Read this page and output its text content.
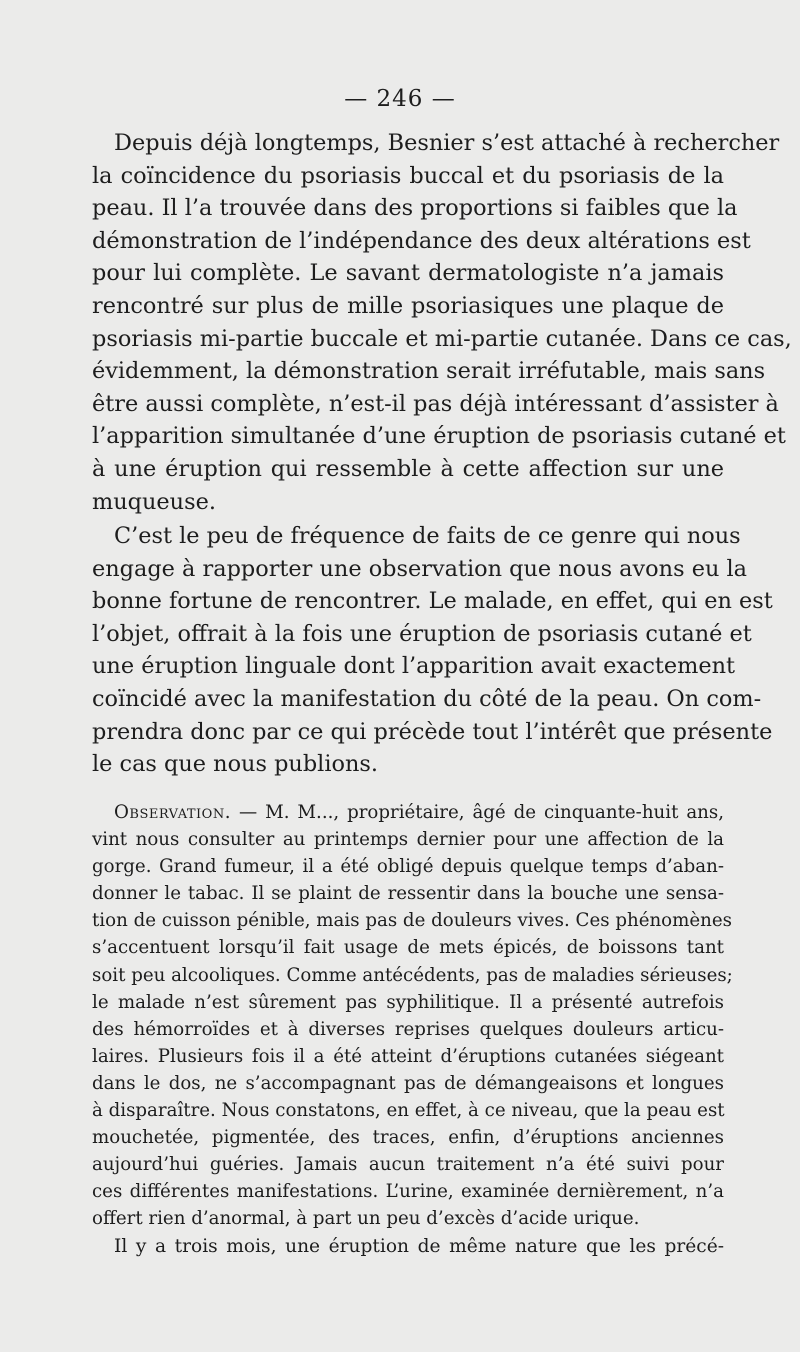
— 246 —
Depuis déjà longtemps, Besnier s’est attaché à rechercher
la coïncidence du psoriasis buccal et du psoriasis de la
peau. Il l’a trouvée dans des proportions si faibles que la
démonstration de l’indépendance des deux altérations est
pour lui complète. Le savant dermatologiste n’a jamais
rencontré sur plus de mille psoriasiques une plaque de
psoriasis mi-partie buccale et mi-partie cutanée. Dans ce cas,
évidemment, la démonstration serait irréfutable, mais sans
être aussi complète, n’est-il pas déjà intéressant d’assister à
l’apparition simultanée d’une éruption de psoriasis cutané et
à une éruption qui ressemble à cette affection sur une
muqueuse.
C’est le peu de fréquence de faits de ce genre qui nous
engage à rapporter une observation que nous avons eu la
bonne fortune de rencontrer. Le malade, en effet, qui en est
l’objet, offrait à la fois une éruption de psoriasis cutané et
une éruption linguale dont l’apparition avait exactement
coïncidé avec la manifestation du côté de la peau. On com-
prendra donc par ce qui précède tout l’intérêt que présente
le cas que nous publions.
Observation. — M. M..., propriétaire, âgé de cinquante-huit ans,
vint nous consulter au printemps dernier pour une affection de la
gorge. Grand fumeur, il a été obligé depuis quelque temps d’aban-
donner le tabac. Il se plaint de ressentir dans la bouche une sensa-
tion de cuisson pénible, mais pas de douleurs vives. Ces phénomènes
s’accentuent lorsqu’il fait usage de mets épicés, de boissons tant
soit peu alcooliques. Comme antécédents, pas de maladies sérieuses;
le malade n’est sûrement pas syphilitique. Il a présenté autrefois
des hémorroïdes et à diverses reprises quelques douleurs articu-
laires. Plusieurs fois il a été atteint d’éruptions cutanées siégeant
dans le dos, ne s’accompagnant pas de démangeaisons et longues
à disparaître. Nous constatons, en effet, à ce niveau, que la peau est
mouchetée, pigmentée, des traces, enfin, d’éruptions anciennes
aujourd’hui guéries. Jamais aucun traitement n’a été suivi pour
ces différentes manifestations. L’urine, examinée dernièrement, n’a
offert rien d’anormal, à part un peu d’excès d’acide urique.
Il y a trois mois, une éruption de même nature que les précé-
